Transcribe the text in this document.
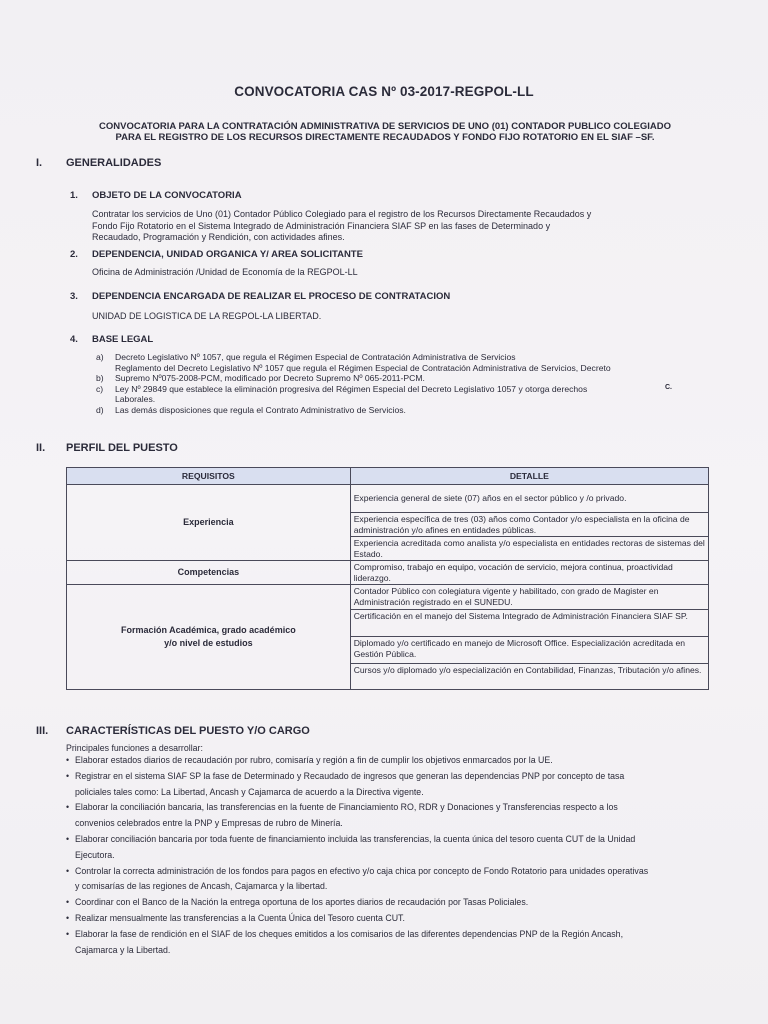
CONVOCATORIA CAS Nº 03-2017-REGPOL-LL
CONVOCATORIA PARA LA CONTRATACIÓN ADMINISTRATIVA DE SERVICIOS DE UNO (01) CONTADOR PUBLICO COLEGIADO
PARA EL REGISTRO DE LOS RECURSOS DIRECTAMENTE RECAUDADOS Y FONDO FIJO ROTATORIO EN EL SIAF –SF.
I. GENERALIDADES
1. OBJETO DE LA CONVOCATORIA
Contratar los servicios de Uno (01) Contador Público Colegiado para el registro de los Recursos Directamente Recaudados y
Fondo Fijo Rotatorio en el Sistema Integrado de Administración Financiera SIAF SP en las fases de Determinado y
Recaudado, Programación y Rendición, con actividades afines.
2. DEPENDENCIA, UNIDAD ORGANICA Y/ AREA SOLICITANTE
Oficina de Administración /Unidad de Economía de la REGPOL-LL
3. DEPENDENCIA ENCARGADA DE REALIZAR EL PROCESO DE CONTRATACION
UNIDAD DE LOGISTICA DE LA REGPOL-LA LIBERTAD.
4. BASE LEGAL
a) Decreto Legislativo Nº 1057, que regula el Régimen Especial de Contratación Administrativa de Servicios
Reglamento del Decreto Legislativo Nº 1057 que regula el Régimen Especial de Contratación Administrativa de Servicios, Decreto
b) Supremo Nº075-2008-PCM, modificado por Decreto Supremo Nº 065-2011-PCM.
c) Ley Nº 29849 que establece la eliminación progresiva del Régimen Especial del Decreto Legislativo 1057 y otorga derechos
Laborales.
d) Las demás disposiciones que regula el Contrato Administrativo de Servicios.
C.
II. PERFIL DEL PUESTO
REQUISITOS	DETALLE
Experiencia	Experiencia general de siete (07) años en el sector público y /o privado.
	Experiencia específica de tres (03) años como Contador y/o especialista en la oficina de administración y/o afines en entidades públicas.
	Experiencia acreditada como analista y/o especialista en entidades rectoras de sistemas del Estado.
Competencias	Compromiso, trabajo en equipo, vocación de servicio, mejora continua, proactividad liderazgo.
Formación Académica, grado académico y/o nivel de estudios	Contador Público con colegiatura vigente y habilitado, con grado de Magister en Administración registrado en el SUNEDU.
	Certificación en el manejo del Sistema Integrado de Administración Financiera SIAF SP.
	Diplomado y/o certificado en manejo de Microsoft Office. Especialización acreditada en Gestión Pública.
	Cursos y/o diplomado y/o especialización en Contabilidad, Finanzas, Tributación y/o afines.
III. CARACTERÍSTICAS DEL PUESTO Y/O CARGO
Principales funciones a desarrollar:
• Elaborar estados diarios de recaudación por rubro, comisaría y región a fin de cumplir los objetivos enmarcados por la UE.
• Registrar en el sistema SIAF SP la fase de Determinado y Recaudado de ingresos que generan las dependencias PNP por concepto de tasa
policiales tales como: La Libertad, Ancash y Cajamarca de acuerdo a la Directiva vigente.
• Elaborar la conciliación bancaria, las transferencias en la fuente de Financiamiento RO, RDR y Donaciones y Transferencias respecto a los
convenios celebrados entre la PNP y Empresas de rubro de Minería.
• Elaborar conciliación bancaria por toda fuente de financiamiento incluida las transferencias, la cuenta única del tesoro cuenta CUT de la Unidad
Ejecutora.
• Controlar la correcta administración de los fondos para pagos en efectivo y/o caja chica por concepto de Fondo Rotatorio para unidades operativas
y comisarías de las regiones de Ancash, Cajamarca y la libertad.
• Coordinar con el Banco de la Nación la entrega oportuna de los aportes diarios de recaudación por Tasas Policiales.
• Realizar mensualmente las transferencias a la Cuenta Única del Tesoro cuenta CUT.
• Elaborar la fase de rendición en el SIAF de los cheques emitidos a los comisarios de las diferentes dependencias PNP de la Región Ancash,
Cajamarca y la Libertad.
